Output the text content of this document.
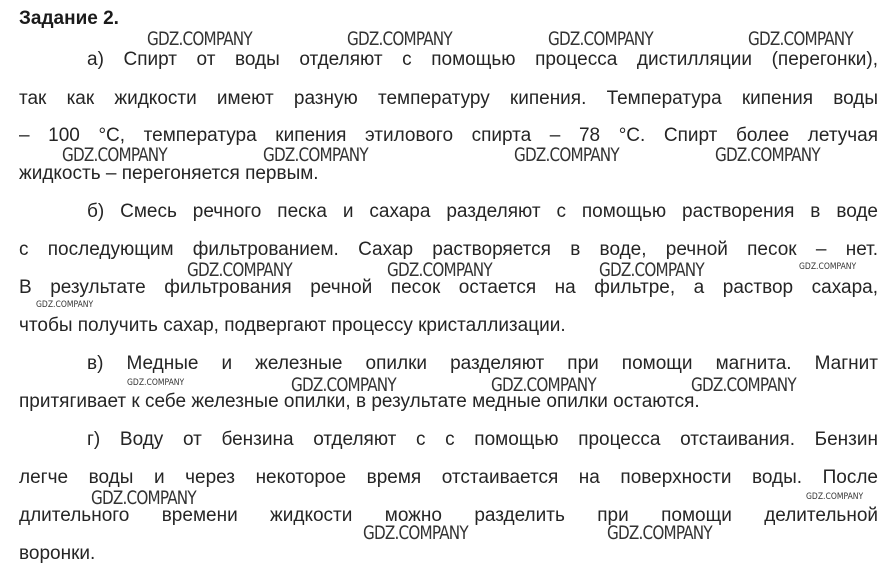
Задание 2.
а) Спирт от воды отделяют с помощью процесса дистилляции (перегонки),
так как жидкости имеют разную температуру кипения. Температура кипения воды
– 100 °С, температура кипения этилового спирта – 78 °С. Спирт более летучая
жидкость – перегоняется первым.
б) Смесь речного песка и сахара разделяют с помощью растворения в воде
с последующим фильтрованием. Сахар растворяется в воде, речной песок – нет.
В результате фильтрования речной песок остается на фильтре, а раствор сахара,
чтобы получить сахар, подвергают процессу кристаллизации.
в) Медные и железные опилки разделяют при помощи магнита. Магнит
притягивает к себе железные опилки, в результате медные опилки остаются.
г) Воду от бензина отделяют с с помощью процесса отстаивания. Бензин
легче воды и через некоторое время отстаивается на поверхности воды. После
длительного времени жидкости можно разделить при помощи делительной
воронки.
GDZ.COMPANY	GDZ.COMPANY	GDZ.COMPANY	GDZ.COMPANY
GDZ.COMPANY	GDZ.COMPANY	GDZ.COMPANY	GDZ.COMPANY
GDZ.COMPANY	GDZ.COMPANY	GDZ.COMPANY	GDZ.COMPANY
GDZ.COMPANY
GDZ.COMPANY	GDZ.COMPANY	GDZ.COMPANY	GDZ.COMPANY
GDZ.COMPANY	GDZ.COMPANY
GDZ.COMPANY	GDZ.COMPANY
